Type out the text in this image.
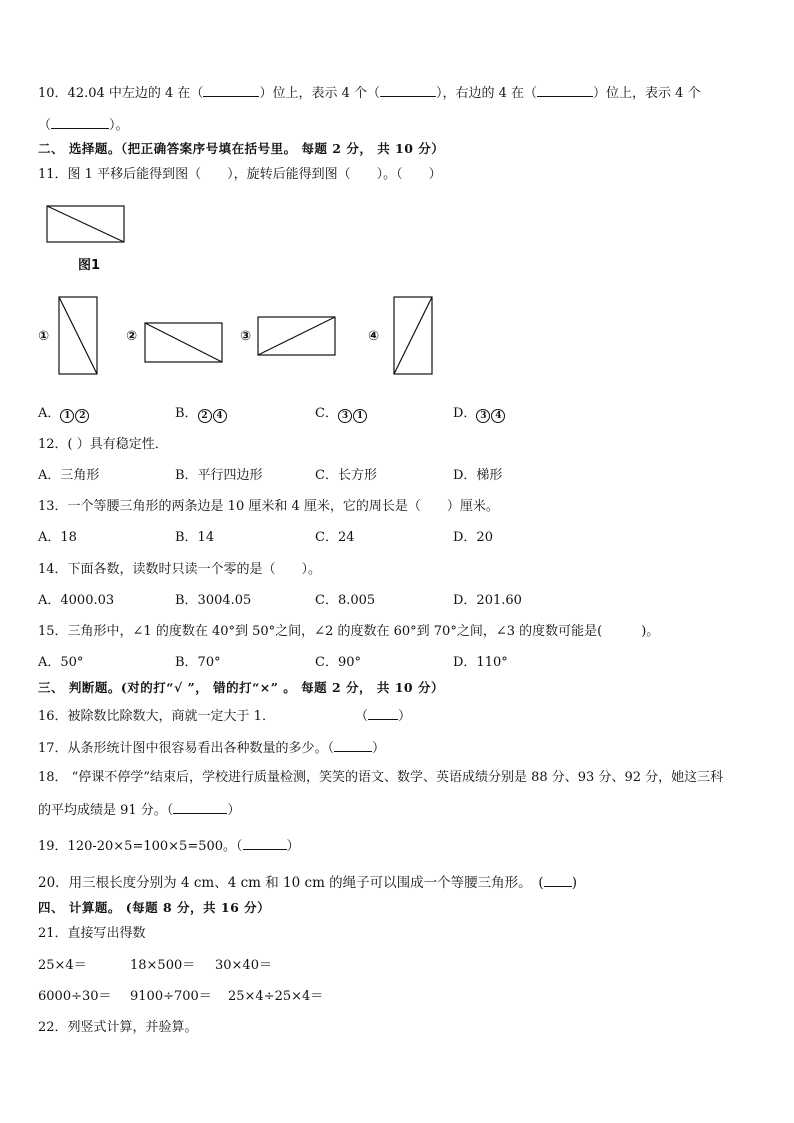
10．42.04 中左边的 4 在（	）位上，表示 4 个（	），右边的 4 在（	）位上，表示 4 个
（	）。
二、 选择题。（把正确答案序号填在括号里。 每题 2 分， 共 10 分）
11．图 1 平移后能得到图（　　），旋转后能得到图（　　）。（　　）
图1
①	②	③	④
A． 1 2	B． 2 4	C． 3 1	D． 3 4
12．( ）具有稳定性．
A．三角形	B．平行四边形	C．长方形	D．梯形
13．一个等腰三角形的两条边是 10 厘米和 4 厘米，它的周长是（　　）厘米。
A．18	B．14	C．24	D．20
14．下面各数，读数时只读一个零的是（　　）。
A．4000.03	B．3004.05	C．8.005	D．201.60
15．三角形中，∠1 的度数在 40°到 50°之间，∠2 的度数在 60°到 70°之间，∠3 的度数可能是(　　　)。
A．50°	B．70°	C．90°	D．110°
三、 判断题。(对的打“√ ”， 错的打“×” 。 每题 2 分， 共 10 分）
16．被除数比除数大，商就一定大于 1．	（ ）
17．从条形统计图中很容易看出各种数量的多少。（	）
18． “停课不停学”结束后，学校进行质量检测，笑笑的语文、数学、英语成绩分别是 88 分、93 分、92 分，她这三科
的平均成绩是 91 分。（	）
19．120-20×5=100×5=500。（	）
20．用三根长度分别为 4 cm、4 cm 和 10 cm 的绳子可以围成一个等腰三角形。　( )
四、 计算题。 (每题 8 分，共 16 分）
21．直接写出得数
25×4＝	18×500＝ 30×40＝
6000÷30＝ 9100÷700＝ 25×4÷25×4＝
22．列竖式计算，并验算。
